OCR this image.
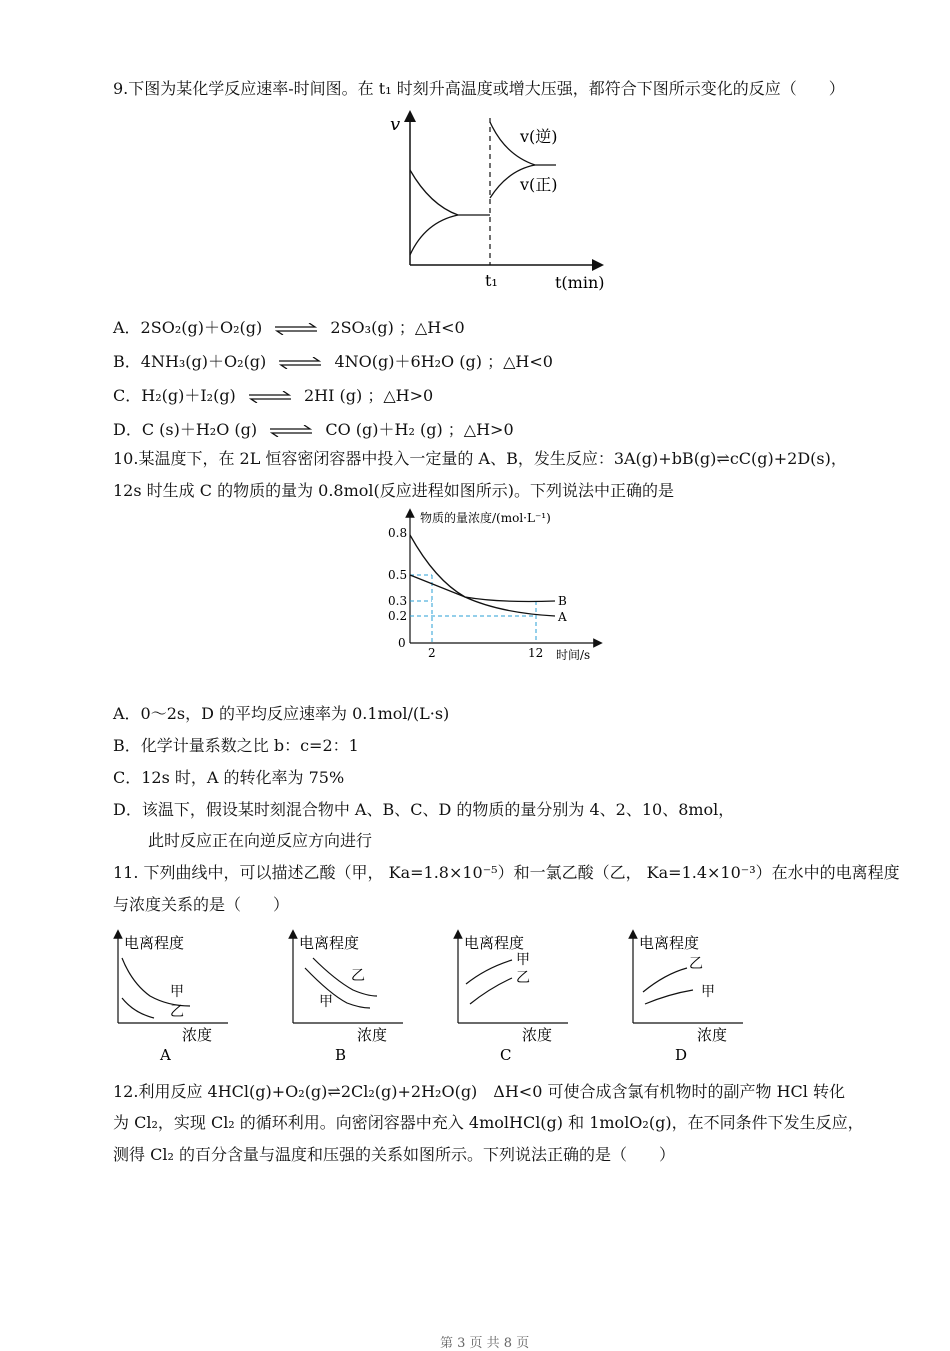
9.下图为某化学反应速率-时间图。在 t₁ 时刻升高温度或增大压强，都符合下图所示变化的反应（　　）
v
v(逆)
v(正)
t₁	t(min)
A．2SO₂(g)＋O₂(g) ⇌ 2SO₃(g) ；△H<0
B．4NH₃(g)＋O₂(g) ⇌ 4NO(g)＋6H₂O (g) ；△H<0
C．H₂(g)＋I₂(g) ⇌ 2HI (g) ；△H>0
D．C (s)＋H₂O (g) ⇌ CO (g)＋H₂ (g) ；△H>0
10.某温度下，在 2L 恒容密闭容器中投入一定量的 A、B，发生反应：3A(g)+bB(g)⇌cC(g)+2D(s)，
12s 时生成 C 的物质的量为 0.8mol(反应进程如图所示)。下列说法中正确的是
物质的量浓度/(mol·L⁻¹)
0.8
0.5
0.3
0.2
0
B
A
2	12 时间/s
A．0～2s，D 的平均反应速率为 0.1mol/(L·s)
B．化学计量系数之比 b：c=2：1
C．12s 时，A 的转化率为 75%
D．该温下，假设某时刻混合物中 A、B、C、D 的物质的量分别为 4、2、10、8mol，
此时反应正在向逆反应方向进行
11. 下列曲线中，可以描述乙酸（甲， Ka=1.8×10⁻⁵）和一氯乙酸（乙， Ka=1.4×10⁻³）在水中的电离程度
与浓度关系的是（　　）
电离程度
甲
乙
浓度
A
电离程度
乙
甲
浓度
B
电离程度
甲
乙
浓度
C
电离程度
乙
甲
浓度
D
12.利用反应 4HCl(g)+O₂(g)⇌2Cl₂(g)+2H₂O(g)　ΔH<0 可使合成含氯有机物时的副产物 HCl 转化
为 Cl₂，实现 Cl₂ 的循环利用。向密闭容器中充入 4molHCl(g) 和 1molO₂(g)，在不同条件下发生反应，
测得 Cl₂ 的百分含量与温度和压强的关系如图所示。下列说法正确的是（　　）
第 3 页 共 8 页
